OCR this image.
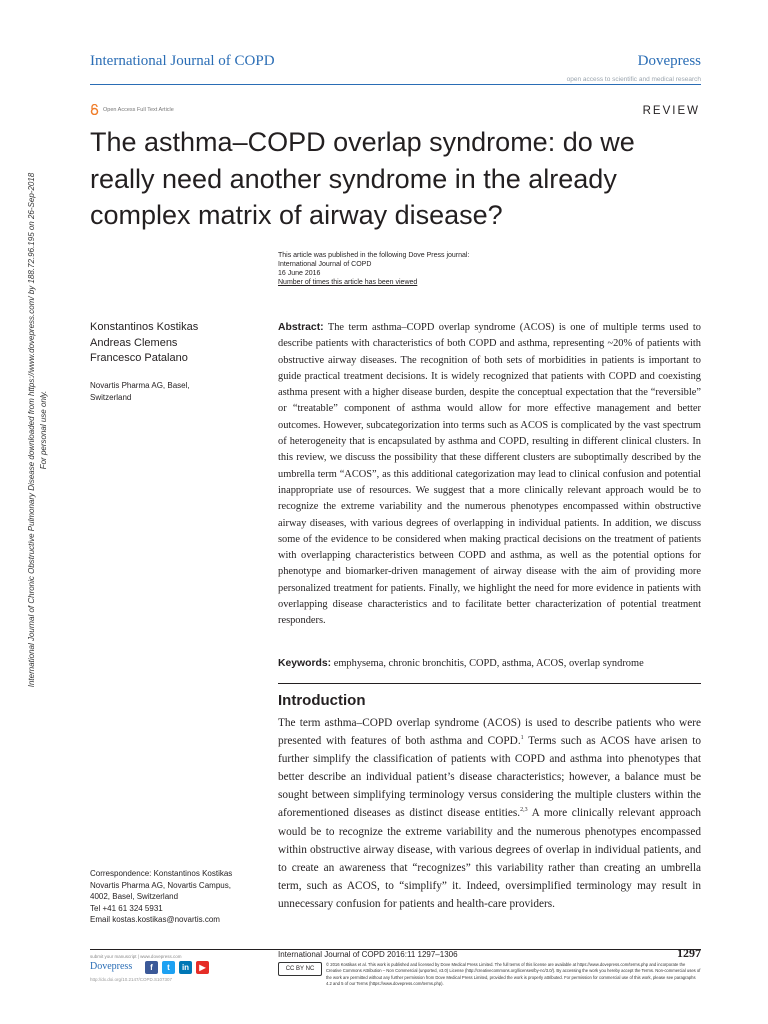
International Journal of COPD	Dovepress
open access to scientific and medical research
Open Access Full Text Article	REVIEW
The asthma–COPD overlap syndrome: do we
really need another syndrome in the already
complex matrix of airway disease?
This article was published in the following Dove Press journal:
International Journal of COPD
16 June 2016
Number of times this article has been viewed
Konstantinos Kostikas
Andreas Clemens
Francesco Patalano
Novartis Pharma AG, Basel,
Switzerland
Abstract: The term asthma–COPD overlap syndrome (ACOS) is one of multiple terms used to describe patients with characteristics of both COPD and asthma, representing ~20% of patients with obstructive airway diseases. The recognition of both sets of morbidities in patients is important to guide practical treatment decisions. It is widely recognized that patients with COPD and coexisting asthma present with a higher disease burden, despite the conceptual expectation that the “reversible” or “treatable” component of asthma would allow for more effective management and better outcomes. However, subcategorization into terms such as ACOS is complicated by the vast spectrum of heterogeneity that is encapsulated by asthma and COPD, resulting in different clinical clusters. In this review, we discuss the possibility that these different clusters are suboptimally described by the umbrella term “ACOS”, as this additional categorization may lead to clinical confusion and potential inappropriate use of resources. We suggest that a more clinically relevant approach would be to recognize the extreme variability and the numerous phenotypes encompassed within obstructive airway diseases, with various degrees of overlapping in individual patients. In addition, we discuss some of the evidence to be considered when making practical decisions on the treatment of patients with overlapping characteristics between COPD and asthma, as well as the potential options for phenotype and biomarker-driven management of airway disease with the aim of providing more personalized treatment for patients. Finally, we highlight the need for more evidence in patients with overlapping disease characteristics and to facilitate better characterization of potential treatment responders.
Keywords: emphysema, chronic bronchitis, COPD, asthma, ACOS, overlap syndrome
Introduction
The term asthma–COPD overlap syndrome (ACOS) is used to describe patients who were presented with features of both asthma and COPD.$^1$ Terms such as ACOS have arisen to further simplify the classification of patients with COPD and asthma into phenotypes that better describe an individual patient’s disease characteristics; however, a balance must be sought between simplifying terminology versus considering the multiple clusters within the aforementioned diseases as distinct disease entities.$^{2,3}$ A more clinically relevant approach would be to recognize the extreme variability and the numerous phenotypes encompassed within obstructive airway disease, with various degrees of overlap in individual patients, and to create an awareness that “recognizes” this variability rather than creating an umbrella term, such as ACOS, to “simplify” it. Indeed, oversimplified terminology may result in unnecessary confusion for patients and health-care providers.
Correspondence: Konstantinos Kostikas
Novartis Pharma AG, Novartis Campus,
4002, Basel, Switzerland
Tel +41 61 324 5931
Email kostas.kostikas@novartis.com
International Journal of Chronic Obstructive Pulmonary Disease downloaded from https://www.dovepress.com/ by 188.72.96.195 on 26-Sep-2018 For personal use only.
submit your manuscript | www.dovepress.com
Dovepress
http://dx.doi.org/10.2147/COPD.S107307
f	t	in	▶
International Journal of COPD 2016:11 1297–1306	1297
CC BY NC
© 2016 Kostikas et al. This work is published and licensed by Dove Medical Press Limited. The full terms of this license are available at https://www.dovepress.com/terms.php and incorporate the Creative Commons Attribution – Non Commercial (unported, v3.0) License (http://creativecommons.org/licenses/by-nc/3.0/). By accessing the work you hereby accept the Terms. Non-commercial uses of the work are permitted without any further permission from Dove Medical Press Limited, provided the work is properly attributed. For permission for commercial use of this work, please see paragraphs 4.2 and 5 of our Terms (https://www.dovepress.com/terms.php).
